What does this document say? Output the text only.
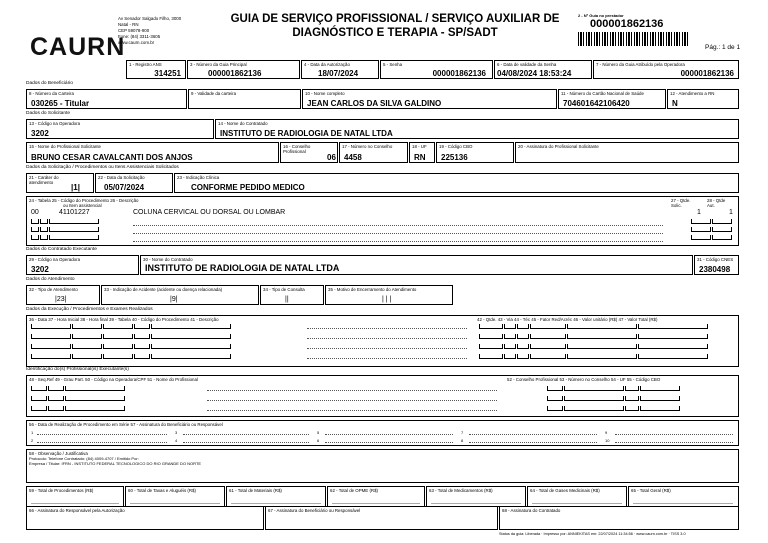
CAURN
Av Senador Salgado Filho, 3000
Natal - RN
CEP 59078-900
Fone: (84) 3311-3605
www.caurn.com.br
GUIA DE SERVIÇO PROFISSIONAL / SERVIÇO AUXILIAR DE
DIAGNÓSTICO E TERAPIA - SP/SADT
2 - Nº Guia no prestador
000001862136
Pág.: 1 de 1
1 - Registro ANS
314251
3 - Número da Guia Principal
000001862136
4 - Data da Autorização
18/07/2024
5 - Senha
000001862136
6 - Data de validade da Senha
04/08/2024 18:53:24
7 - Número da Guia Atribuído pela Operadora
000001862136
Dados do Beneficiário
8 - Número da Carteira
030265 - Titular
9 - Validade da carteira	10 - Nome completo
JEAN CARLOS DA SILVA GALDINO
11 - Número do Cartão Nacional de Saúde
704601642106420
12 - Atendimento a RN
N
Dados do Solicitante
13 - Código na Operadora
3202
14 - Nome do Contratado
INSTITUTO DE RADIOLOGIA DE NATAL LTDA
15 - Nome do Profissional Solicitante
BRUNO CESAR CAVALCANTI DOS ANJOS
16 - Conselho Profissional
06
17 - Número no Conselho
4458
18 - UF
RN
19 - Código CBO
225136
20 - Assinatura do Profissional Solicitante
Dados da Solicitação / Procedimentos ou Itens Assistenciais Solicitados
21 - Caráter do atendimento
|1|
22 - Data da Solicitação
05/07/2024
23 - Indicação Clínica
CONFORME PEDIDO MEDICO
24 - Tabela 25 - Código do Procedimento 26 - Descrição
ou Item assistencial
27 - Qtde. Solic.
28 - Qtde Aut.
00	41101227	COLUNA CERVICAL OU DORSAL OU LOMBAR	1	1
Dados do Contratado Executante
29 - Código na Operadora
3202
30 - Nome do Contratado
INSTITUTO DE RADIOLOGIA DE NATAL LTDA
31 - Código CNES
2380498
Dados do Atendimento
32 - Tipo de Atendimento
|23|
33 - Indicação de Acidente (acidente ou doença relacionada)
|9|
34 - Tipo de Consulta
||
35 - Motivo de Encerramento do Atendimento
| | |
Dados da Execução / Procedimentos e Exames Realizados
36 - Data 37 - Hora Inicial 38 - Hora final 39 - Tabela 40 - Código do Procedimento 41 - Descrição	42 - Qtde. 43 - Via 44 - Téc 45 - Fator Red/Acréc 46 - Valor unitário (R$) 47 - Valor Total (R$)
Identificação do(s) Profissional(is) Executante(s)
48 - Seq.Ref 49 - Grau Part. 50 - Código na Operadora/CPF 51 - Nome do Profissional	52 - Conselho Profissional 53 - Número no Conselho 54 - UF 55 - Código CBO
56 - Data de Realização de Procedimento em Série 57 - Assinatura do Beneficiário ou Responsável
1
2
3
4
5
6
7
8
9
10
58 - Observação / Justificativa
Protocolo: Telefone Contratado: (84) 4009-4707 / Emitido Por:
Empresa / Titular: IFRN - INSTITUTO FEDERAL TECNOLOGICO DO RIO GRANDE DO NORTE
59 - Total de Procedimentos (R$)	60 - Total de Taxas e Aluguéis (R$)	61 - Total de Materiais (R$)	62 - Total de OPME (R$)	63 - Total de Medicamentos (R$)	64 - Total de Gases Medicinais (R$)	65 - Total Geral (R$)
66 - Assinatura do Responsável pela Autorização	67 - Assinatura do Beneficiário ou Responsável	68 - Assinatura do Contratado
Status da guia: Liberada · Impresso por: ANNIEKITAS em: 22/07/2024 11:34:56 · www.caurn.com.br · TISS 3.0
